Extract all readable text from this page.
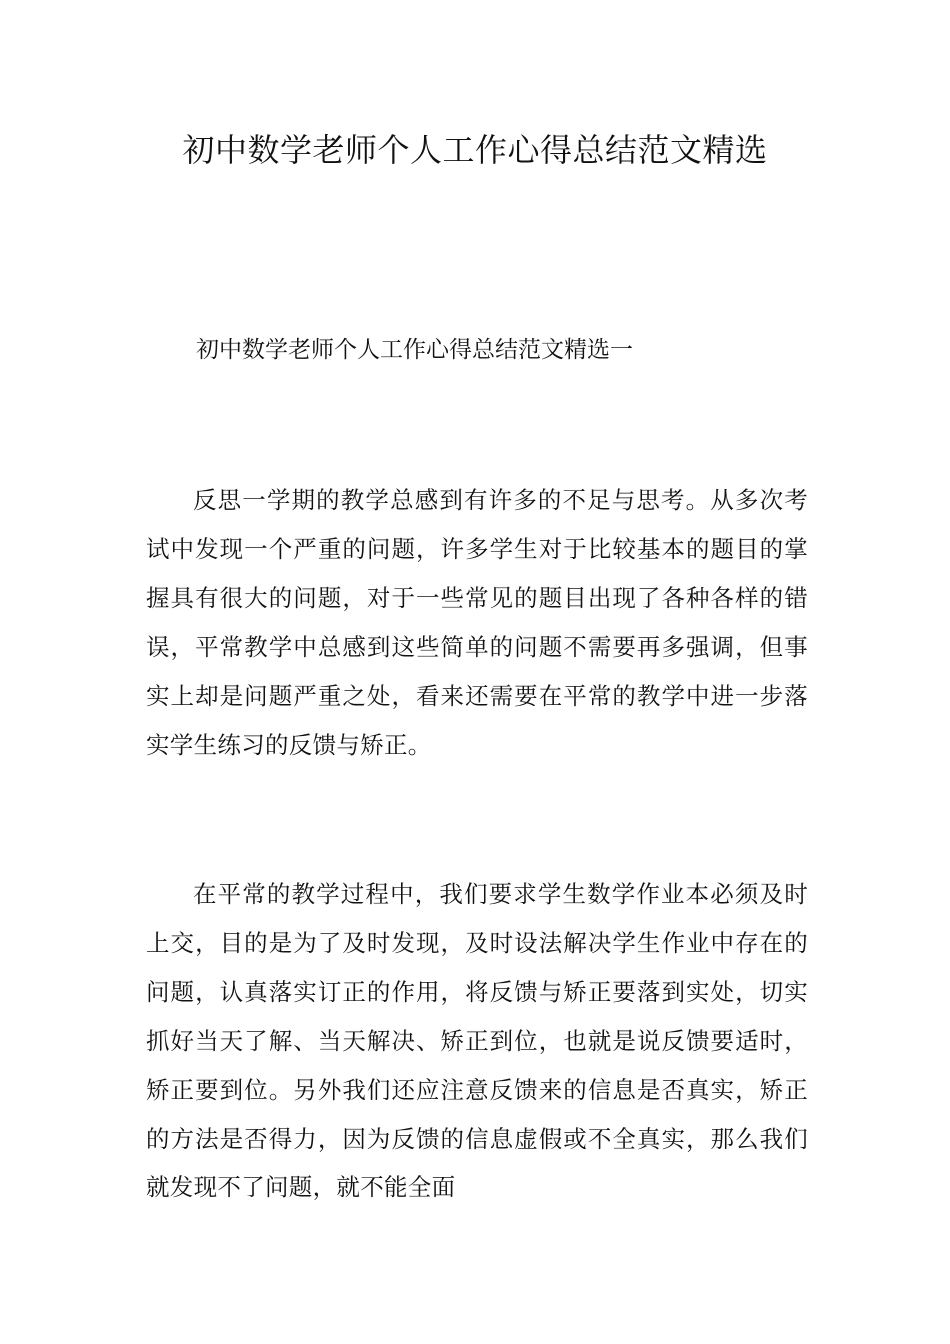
初中数学老师个人工作心得总结范文精选
初中数学老师个人工作心得总结范文精选一

反思一学期的教学总感到有许多的不足与思考。从多次考试中发现一个严重的问题，许多学生对于比较基本的题目的掌握具有很大的问题，对于一些常见的题目出现了各种各样的错误，平常教学中总感到这些简单的问题不需要再多强调，但事实上却是问题严重之处，看来还需要在平常的教学中进一步落实学生练习的反馈与矫正。

在平常的教学过程中，我们要求学生数学作业本必须及时上交，目的是为了及时发现，及时设法解决学生作业中存在的问题，认真落实订正的作用，将反馈与矫正要落到实处，切实抓好当天了解、当天解决、矫正到位，也就是说反馈要适时，矫正要到位。另外我们还应注意反馈来的信息是否真实，矫正的方法是否得力，因为反馈的信息虚假或不全真实，那么我们就发现不了问题，就不能全面
